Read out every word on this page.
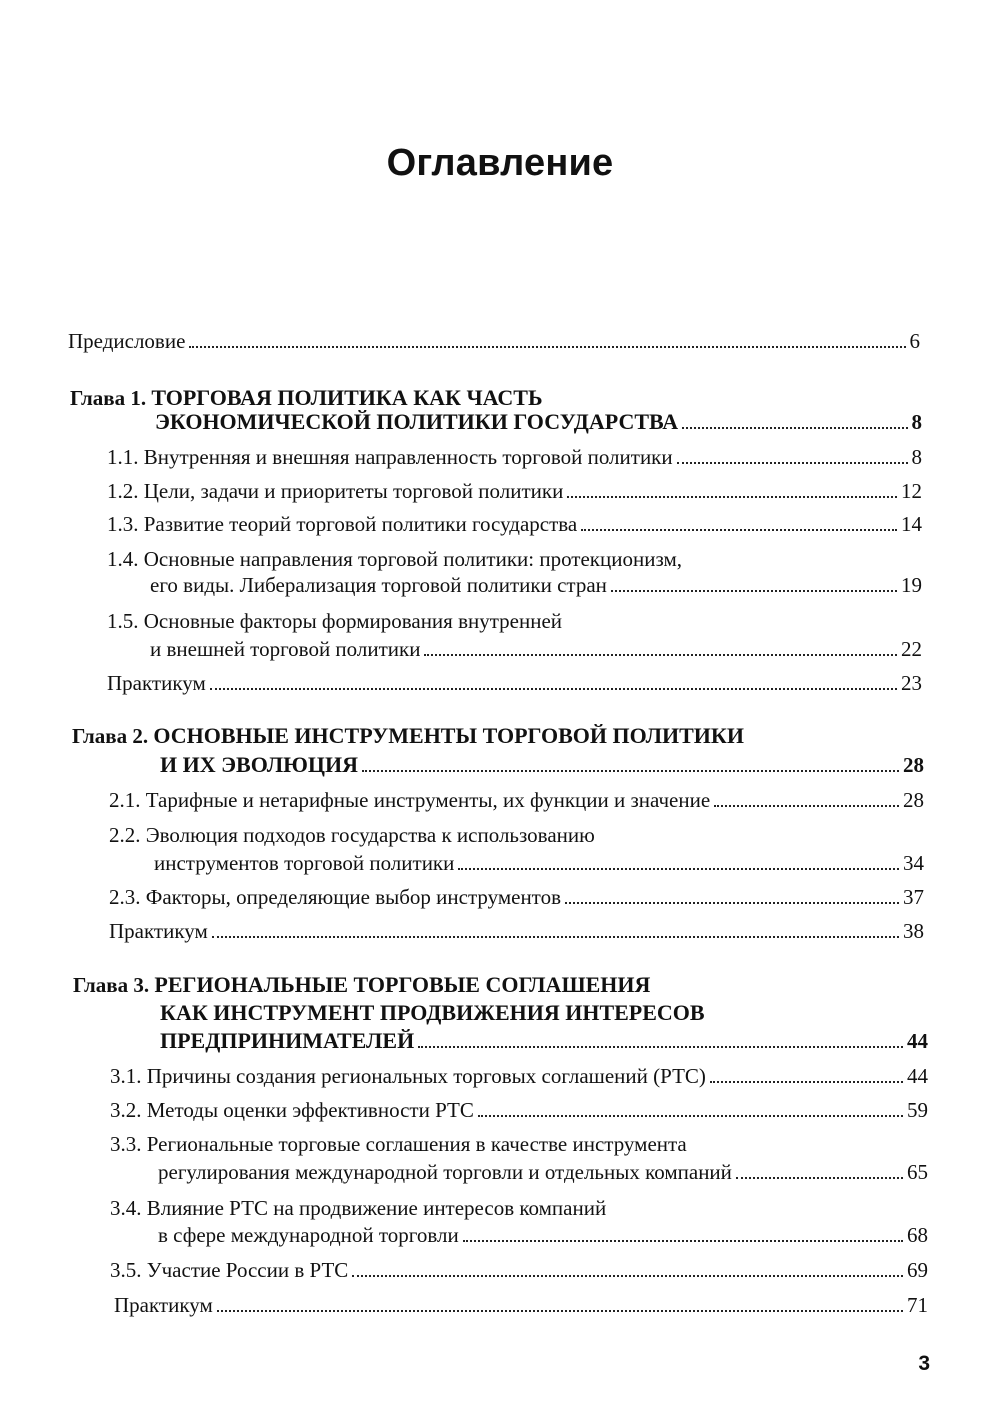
Оглавление
Предисловие	6
Глава 1. ТОРГОВАЯ ПОЛИТИКА КАК ЧАСТЬ
ЭКОНОМИЧЕСКОЙ ПОЛИТИКИ ГОСУДАРСТВА	8
1.1. Внутренняя и внешняя направленность торговой политики	8
1.2. Цели, задачи и приоритеты торговой политики	12
1.3. Развитие теорий торговой политики государства	14
1.4. Основные направления торговой политики: протекционизм,
его виды. Либерализация торговой политики стран	19
1.5. Основные факторы формирования внутренней
и внешней торговой политики	22
Практикум	23
Глава 2. ОСНОВНЫЕ ИНСТРУМЕНТЫ ТОРГОВОЙ ПОЛИТИКИ
И ИХ ЭВОЛЮЦИЯ	28
2.1. Тарифные и нетарифные инструменты, их функции и значение	28
2.2. Эволюция подходов государства к использованию
инструментов торговой политики	34
2.3. Факторы, определяющие выбор инструментов	37
Практикум	38
Глава 3. РЕГИОНАЛЬНЫЕ ТОРГОВЫЕ СОГЛАШЕНИЯ
КАК ИНСТРУМЕНТ ПРОДВИЖЕНИЯ ИНТЕРЕСОВ
ПРЕДПРИНИМАТЕЛЕЙ	44
3.1. Причины создания региональных торговых соглашений (РТС)	44
3.2. Методы оценки эффективности РТС	59
3.3. Региональные торговые соглашения в качестве инструмента
регулирования международной торговли и отдельных компаний	65
3.4. Влияние РТС на продвижение интересов компаний
в сфере международной торговли	68
3.5. Участие России в РТС	69
Практикум	71
3
